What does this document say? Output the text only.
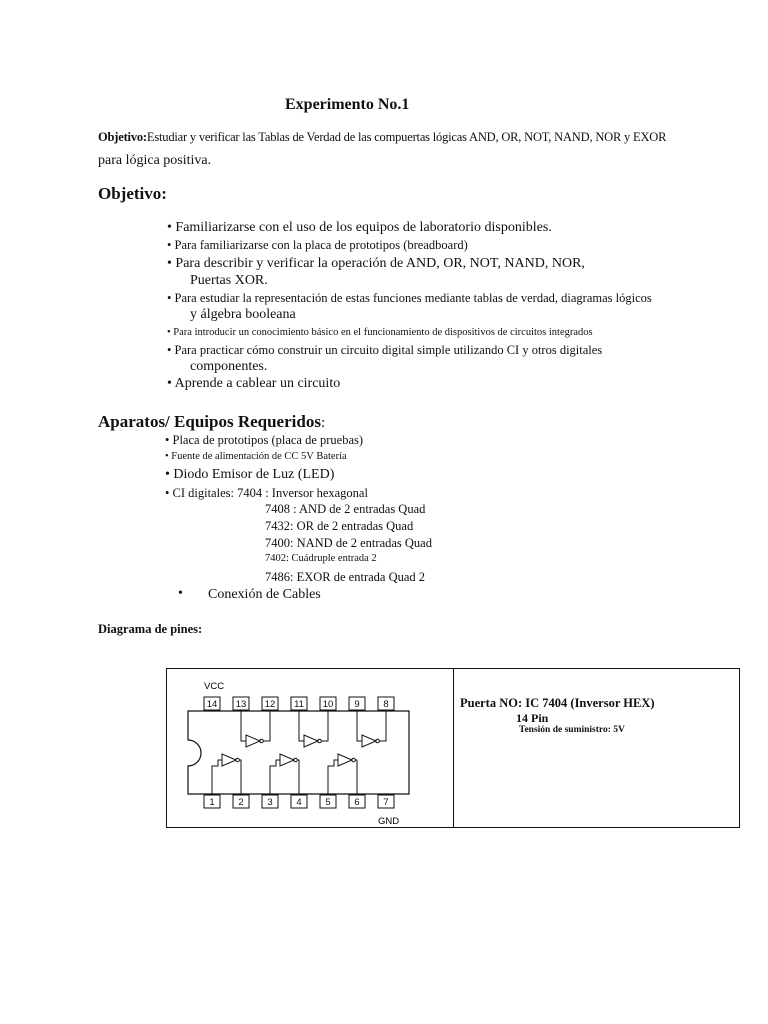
Experimento No.1
Objetivo:Estudiar y verificar las Tablas de Verdad de las compuertas lógicas AND, OR, NOT, NAND, NOR y EXOR
para lógica positiva.
Objetivo:
• Familiarizarse con el uso de los equipos de laboratorio disponibles.
• Para familiarizarse con la placa de prototipos (breadboard)
• Para describir y verificar la operación de AND, OR, NOT, NAND, NOR,
Puertas XOR.
• Para estudiar la representación de estas funciones mediante tablas de verdad, diagramas lógicos
y álgebra booleana
• Para introducir un conocimiento básico en el funcionamiento de dispositivos de circuitos integrados
• Para practicar cómo construir un circuito digital simple utilizando CI y otros digitales
componentes.
• Aprende a cablear un circuito
Aparatos/ Equipos Requeridos:
• Placa de prototipos (placa de pruebas)
• Fuente de alimentación de CC 5V Batería
• Diodo Emisor de Luz (LED)
• CI digitales: 7404 : Inversor hexagonal
7408 : AND de 2 entradas Quad
7432: OR de 2 entradas Quad
7400: NAND de 2 entradas Quad
7402: Cuádruple entrada 2
7486: EXOR de entrada Quad 2
• Conexión de Cables
Diagrama de pines:
VCC
GND
14 13 12 11 10 9 8
1 2 3 4 5 6 7
Puerta NO: IC 7404 (Inversor HEX)
14 Pin
Tensión de suministro: 5V
